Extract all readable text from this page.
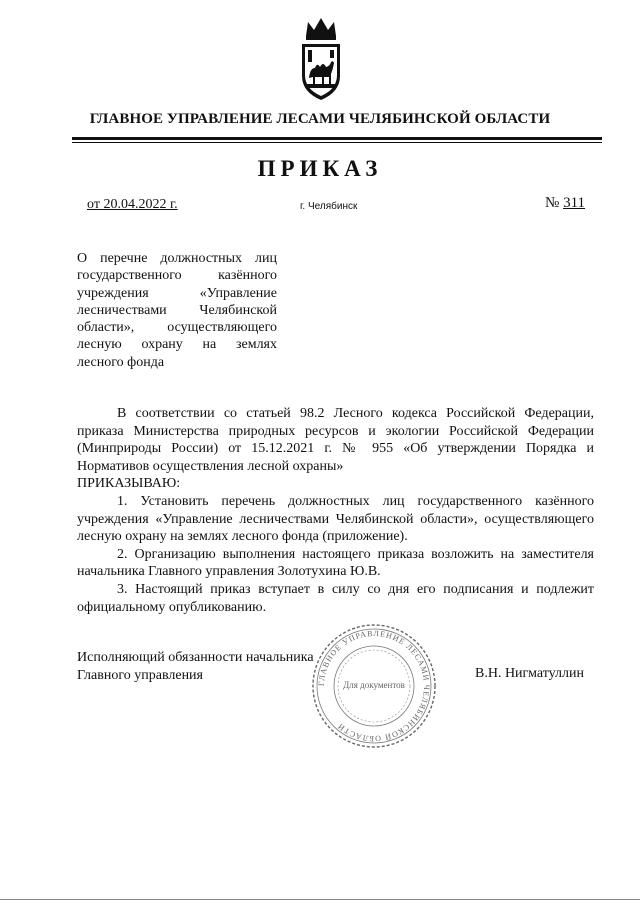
ГЛАВНОЕ УПРАВЛЕНИЕ ЛЕСАМИ ЧЕЛЯБИНСКОЙ ОБЛАСТИ
ПРИКАЗ
от 20.04.2022 г.	г. Челябинск	№ 311
О перечне должностных лиц государственного казённого учреждения «Управление лесничествами Челябинской области», осуществляющего лесную охрану на землях лесного фонда

В соответствии со статьей 98.2 Лесного кодекса Российской Федерации, приказа Министерства природных ресурсов и экологии Российской Федерации (Минприроды России) от 15.12.2021 г. № 955 «Об утверждении Порядка и Нормативов осуществления лесной охраны»

ПРИКАЗЫВАЮ:

1. Установить перечень должностных лиц государственного казённого учреждения «Управление лесничествами Челябинской области», осуществляющего лесную охрану на землях лесного фонда (приложение).

2. Организацию выполнения настоящего приказа возложить на заместителя начальника Главного управления Золотухина Ю.В.

3. Настоящий приказ вступает в силу со дня его подписания и подлежит официальному опубликованию.

Исполняющий обязанности начальника
Главного управления	В.Н. Нигматуллин
ГЛАВНОЕ УПРАВЛЕНИЕ ЛЕСАМИ ЧЕЛЯБИНСКОЙ ОБЛАСТИ
Для документов
